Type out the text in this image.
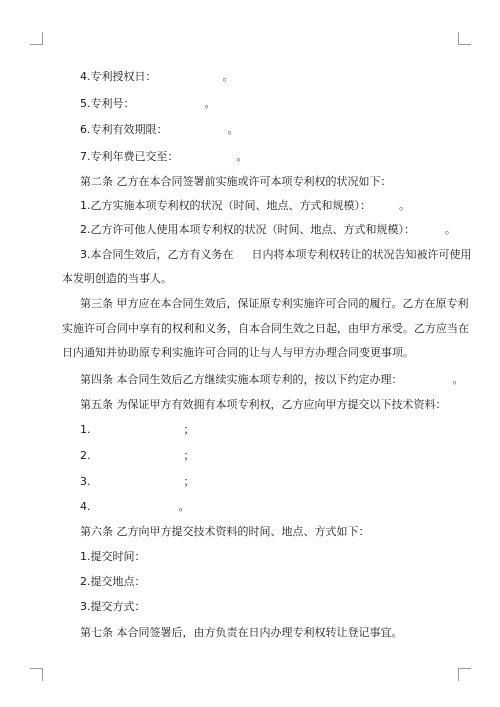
4.专利授权日：	。
5.专利号：	。
6.专利有效期限：	。
7.专利年费已交至：	。
第二条 乙方在本合同签署前实施或许可本项专利权的状况如下：
1.乙方实施本项专利权的状况（时间、地点、方式和规模）：	。
2.乙方许可他人使用本项专利权的状况（时间、地点、方式和规模）：	。
3.本合同生效后，乙方有义务在 日内将本项专利权转让的状况告知被许可使用
本发明创造的当事人。
第三条 甲方应在本合同生效后，保证原专利实施许可合同的履行。乙方在原专利
实施许可合同中享有的权利和义务，自本合同生效之日起，由甲方承受。乙方应当在
日内通知并协助原专利实施许可合同的让与人与甲方办理合同变更事项。
第四条 本合同生效后乙方继续实施本项专利的，按以下约定办理：	。
第五条 为保证甲方有效拥有本项专利权，乙方应向甲方提交以下技术资料：
1.	；
2.	；
3.	；
4.	。
第六条 乙方向甲方提交技术资料的时间、地点、方式如下：
1.提交时间：
2.提交地点：
3.提交方式：
第七条 本合同签署后，由方负责在日内办理专利权转让登记事宜。
